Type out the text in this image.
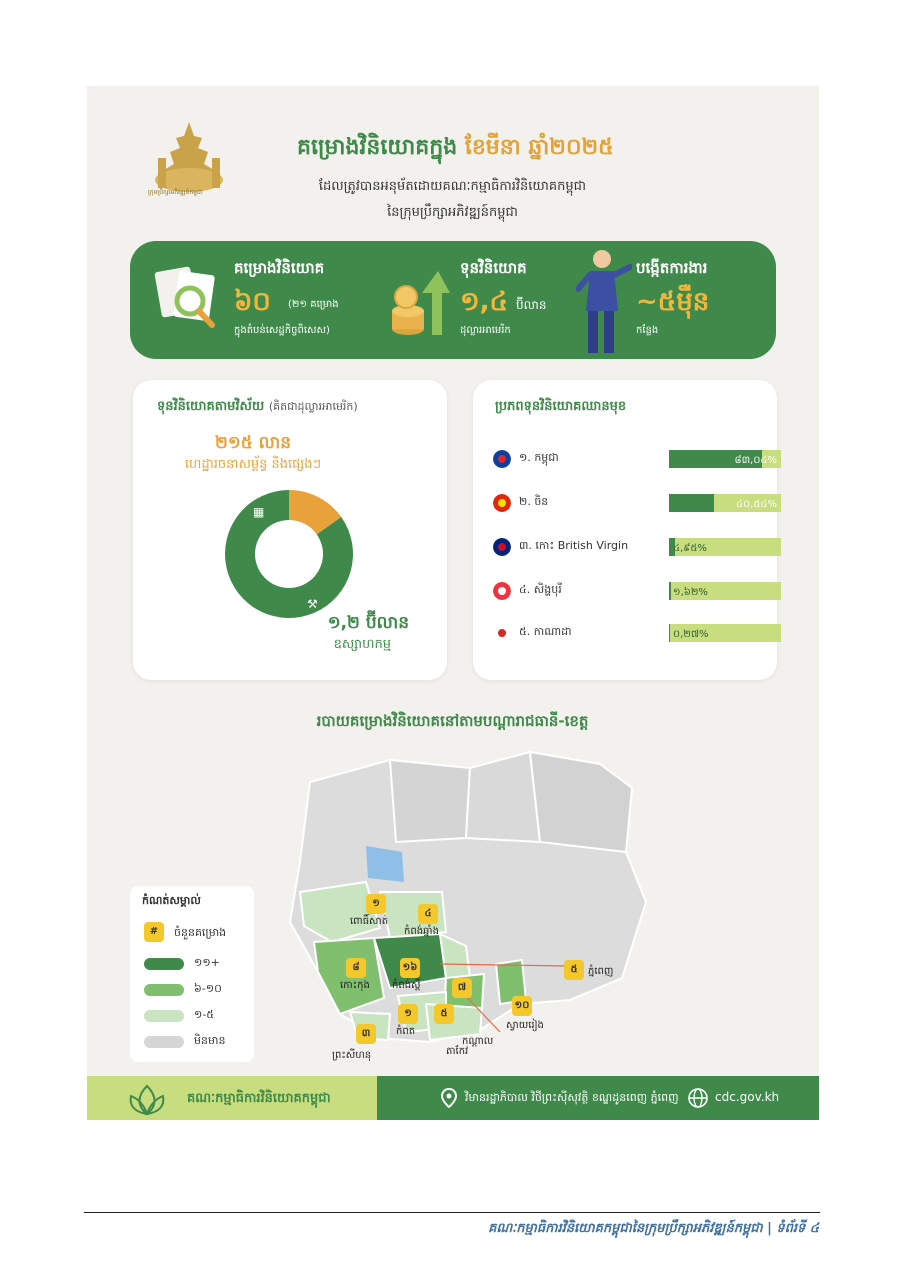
ក្រុមប្រឹក្សាអភិវឌ្ឍន៍កម្ពុជា
គម្រោងវិនិយោគក្នុង ខែមីនា ឆ្នាំ២០២៥
ដែលត្រូវបានអនុម័តដោយគណៈកម្មាធិការវិនិយោគកម្ពុជា
នៃក្រុមប្រឹក្សាអភិវឌ្ឍន៍កម្ពុជា
គម្រោងវិនិយោគ
៦០ (២១ គម្រោង
ក្នុងតំបន់សេដ្ឋកិច្ចពិសេស)
ទុនវិនិយោគ
១,៤ ប៊ីលាន
ដុល្លារអាមេរិក
បង្កើតការងារ
~៥ម៉ឺន
កន្លែង
ទុនវិនិយោគតាមវិស័យ (គិតជាដុល្លារអាមេរិក)
២១៥ លាន
ហេដ្ឋារចនាសម្ព័ន្ធ និងផ្សេងៗ
▦
⚒
១,២ ប៊ីលាន
ឧស្សាហកម្ម
ប្រភពទុនវិនិយោគឈានមុខ
១. កម្ពុជា	៨៣,០៤%
២. ចិន	៤០,៥៤%
៣. កោះ British Virgin	៤,៩៥%
៤. សិង្ហបុរី	១,៦២%
៥. កាណាដា	០,២៧%
របាយគម្រោងវិនិយោគនៅតាមបណ្តារាជធានី-ខេត្ត
១
ពោធិ៍សាត់
៤
កំពង់ឆ្នាំង
៨
កោះកុង
១៦
កំពង់ស្ពឺ	៧
៥	ភ្នំពេញ
១០
ស្វាយរៀង
១
កំពត
៥
តាកែវ
៣
ព្រះសីហនុ
កណ្តាល
កំណត់សម្គាល់
#	ចំនួនគម្រោង
១១+
៦-១០
១-៥
មិនមាន
គណៈកម្មាធិការវិនិយោគកម្ពុជា	វិមានរដ្ឋាភិបាល វិថីព្រះស៊ីសុវត្ថិ ខណ្ឌដូនពេញ ភ្នំពេញ	cdc.gov.kh
គណៈកម្មាធិការវិនិយោគកម្ពុជានៃក្រុមប្រឹក្សាអភិវឌ្ឍន៍កម្ពុជា | ទំព័រទី ៤
